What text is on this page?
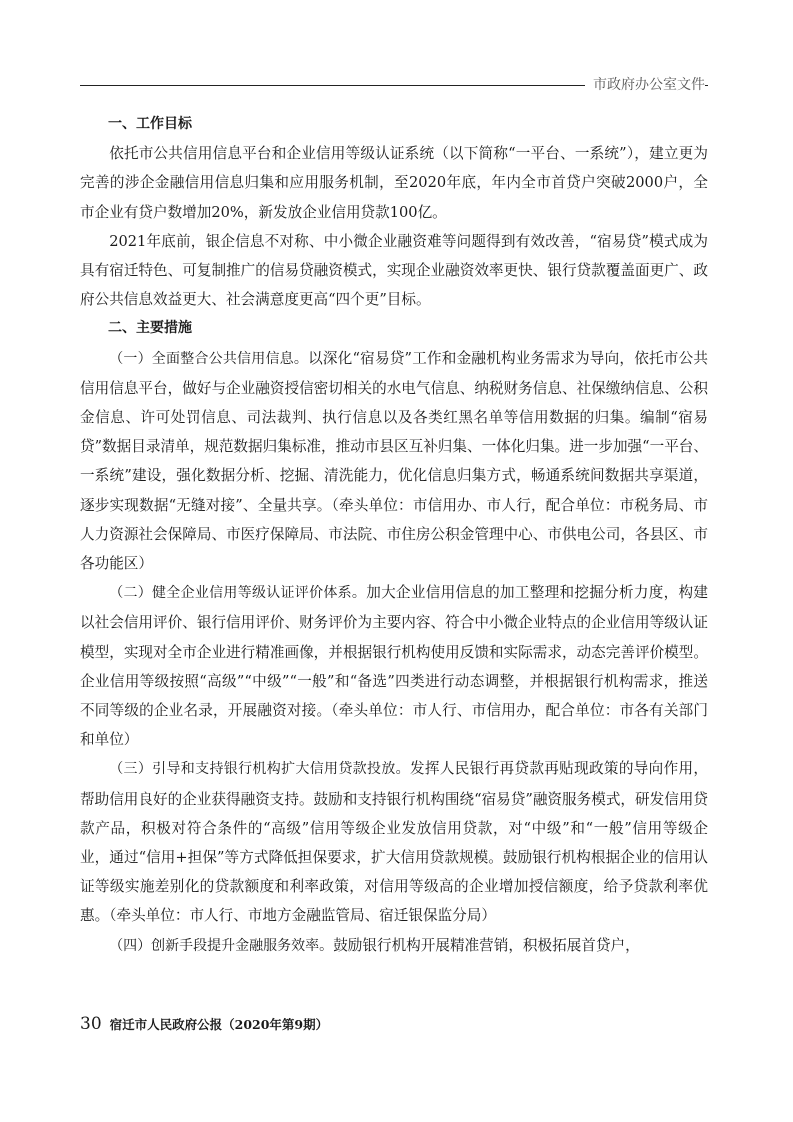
市政府办公室文件
一、工作目标

依托市公共信用信息平台和企业信用等级认证系统（以下简称“一平台、一系统”），建立更为完善的涉企金融信用信息归集和应用服务机制，至2020年底，年内全市首贷户突破2000户，全市企业有贷户数增加20%，新发放企业信用贷款100亿。

2021年底前，银企信息不对称、中小微企业融资难等问题得到有效改善，“宿易贷”模式成为具有宿迁特色、可复制推广的信易贷融资模式，实现企业融资效率更快、银行贷款覆盖面更广、政府公共信息效益更大、社会满意度更高“四个更”目标。

二、主要措施

（一）全面整合公共信用信息。以深化“宿易贷”工作和金融机构业务需求为导向，依托市公共信用信息平台，做好与企业融资授信密切相关的水电气信息、纳税财务信息、社保缴纳信息、公积金信息、许可处罚信息、司法裁判、执行信息以及各类红黑名单等信用数据的归集。编制“宿易贷”数据目录清单，规范数据归集标准，推动市县区互补归集、一体化归集。进一步加强“一平台、一系统”建设，强化数据分析、挖掘、清洗能力，优化信息归集方式，畅通系统间数据共享渠道，逐步实现数据“无缝对接”、全量共享。（牵头单位：市信用办、市人行，配合单位：市税务局、市人力资源社会保障局、市医疗保障局、市法院、市住房公积金管理中心、市供电公司，各县区、市各功能区）

（二）健全企业信用等级认证评价体系。加大企业信用信息的加工整理和挖掘分析力度，构建以社会信用评价、银行信用评价、财务评价为主要内容、符合中小微企业特点的企业信用等级认证模型，实现对全市企业进行精准画像，并根据银行机构使用反馈和实际需求，动态完善评价模型。企业信用等级按照“高级”“中级”“一般”和“备选”四类进行动态调整，并根据银行机构需求，推送不同等级的企业名录，开展融资对接。（牵头单位：市人行、市信用办，配合单位：市各有关部门和单位）

（三）引导和支持银行机构扩大信用贷款投放。发挥人民银行再贷款再贴现政策的导向作用，帮助信用良好的企业获得融资支持。鼓励和支持银行机构围绕“宿易贷”融资服务模式，研发信用贷款产品，积极对符合条件的“高级”信用等级企业发放信用贷款，对“中级”和“一般”信用等级企业，通过“信用+担保”等方式降低担保要求，扩大信用贷款规模。鼓励银行机构根据企业的信用认证等级实施差别化的贷款额度和利率政策，对信用等级高的企业增加授信额度，给予贷款利率优惠。（牵头单位：市人行、市地方金融监管局、宿迁银保监分局）

（四）创新手段提升金融服务效率。鼓励银行机构开展精准营销，积极拓展首贷户，

30 宿迁市人民政府公报（2020年第9期）
